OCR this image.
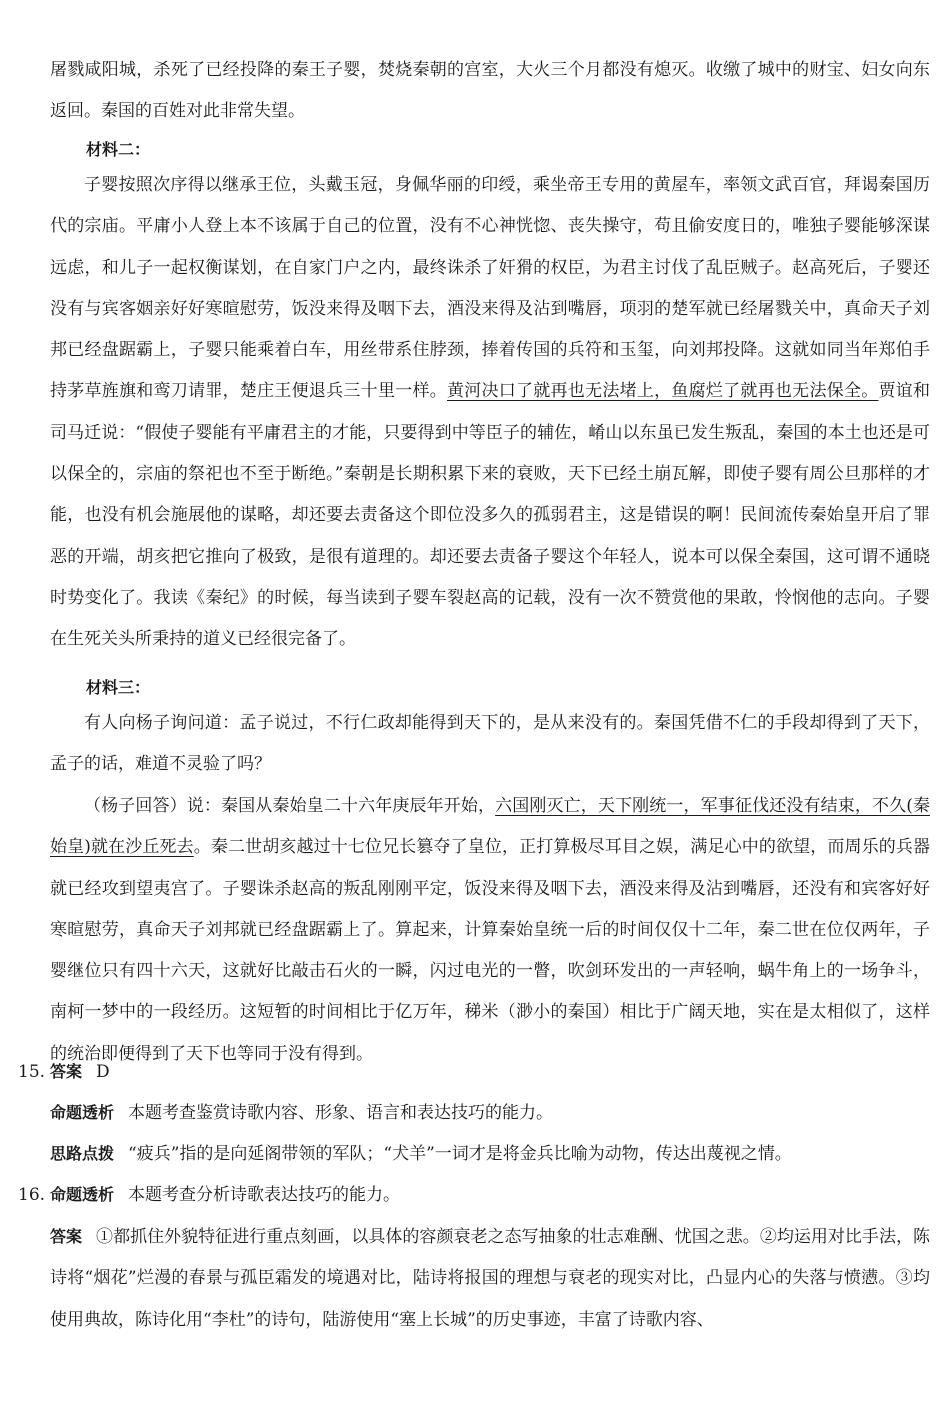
屠戮咸阳城，杀死了已经投降的秦王子婴，焚烧秦朝的宫室，大火三个月都没有熄灭。收缴了城中的财宝、妇女向东返回。秦国的百姓对此非常失望。

材料二：

子婴按照次序得以继承王位，头戴玉冠，身佩华丽的印绶，乘坐帝王专用的黄屋车，率领文武百官，拜谒秦国历代的宗庙。平庸小人登上本不该属于自己的位置，没有不心神恍惚、丧失操守，苟且偷安度日的，唯独子婴能够深谋远虑，和儿子一起权衡谋划，在自家门户之内，最终诛杀了奸猾的权臣，为君主讨伐了乱臣贼子。赵高死后，子婴还没有与宾客姻亲好好寒暄慰劳，饭没来得及咽下去，酒没来得及沾到嘴唇，项羽的楚军就已经屠戮关中，真命天子刘邦已经盘踞霸上，子婴只能乘着白车，用丝带系住脖颈，捧着传国的兵符和玉玺，向刘邦投降。这就如同当年郑伯手持茅草旌旗和鸾刀请罪，楚庄王便退兵三十里一样。黄河决口了就再也无法堵上，鱼腐烂了就再也无法保全。贾谊和司马迁说：“假使子婴能有平庸君主的才能，只要得到中等臣子的辅佐，崤山以东虽已发生叛乱，秦国的本土也还是可以保全的，宗庙的祭祀也不至于断绝。”秦朝是长期积累下来的衰败，天下已经土崩瓦解，即使子婴有周公旦那样的才能，也没有机会施展他的谋略，却还要去责备这个即位没多久的孤弱君主，这是错误的啊！民间流传秦始皇开启了罪恶的开端，胡亥把它推向了极致，是很有道理的。却还要去责备子婴这个年轻人，说本可以保全秦国，这可谓不通晓时势变化了。我读《秦纪》的时候，每当读到子婴车裂赵高的记载，没有一次不赞赏他的果敢，怜悯他的志向。子婴在生死关头所秉持的道义已经很完备了。

材料三：

有人向杨子询问道：孟子说过，不行仁政却能得到天下的，是从来没有的。秦国凭借不仁的手段却得到了天下，孟子的话，难道不灵验了吗？

（杨子回答）说：秦国从秦始皇二十六年庚辰年开始，六国刚灭亡，天下刚统一，军事征伐还没有结束，不久(秦始皇)就在沙丘死去。秦二世胡亥越过十七位兄长篡夺了皇位，正打算极尽耳目之娱，满足心中的欲望，而周乐的兵器就已经攻到望夷宫了。子婴诛杀赵高的叛乱刚刚平定，饭没来得及咽下去，酒没来得及沾到嘴唇，还没有和宾客好好寒暄慰劳，真命天子刘邦就已经盘踞霸上了。算起来，计算秦始皇统一后的时间仅仅十二年，秦二世在位仅两年，子婴继位只有四十六天，这就好比敲击石火的一瞬，闪过电光的一瞥，吹剑环发出的一声轻响，蜗牛角上的一场争斗，南柯一梦中的一段经历。这短暂的时间相比于亿万年，稊米（渺小的秦国）相比于广阔天地，实在是太相似了，这样的统治即便得到了天下也等同于没有得到。

15. 答案 D
命题透析 本题考查鉴赏诗歌内容、形象、语言和表达技巧的能力。
思路点拨 “疲兵”指的是向延阁带领的军队；“犬羊”一词才是将金兵比喻为动物，传达出蔑视之情。
16. 命题透析 本题考查分析诗歌表达技巧的能力。

答案 ①都抓住外貌特征进行重点刻画，以具体的容颜衰老之态写抽象的壮志难酬、忧国之悲。②均运用对比手法，陈诗将“烟花”烂漫的春景与孤臣霜发的境遇对比，陆诗将报国的理想与衰老的现实对比，凸显内心的失落与愤懑。③均使用典故，陈诗化用“李杜”的诗句，陆游使用“塞上长城”的历史事迹，丰富了诗歌内容、
